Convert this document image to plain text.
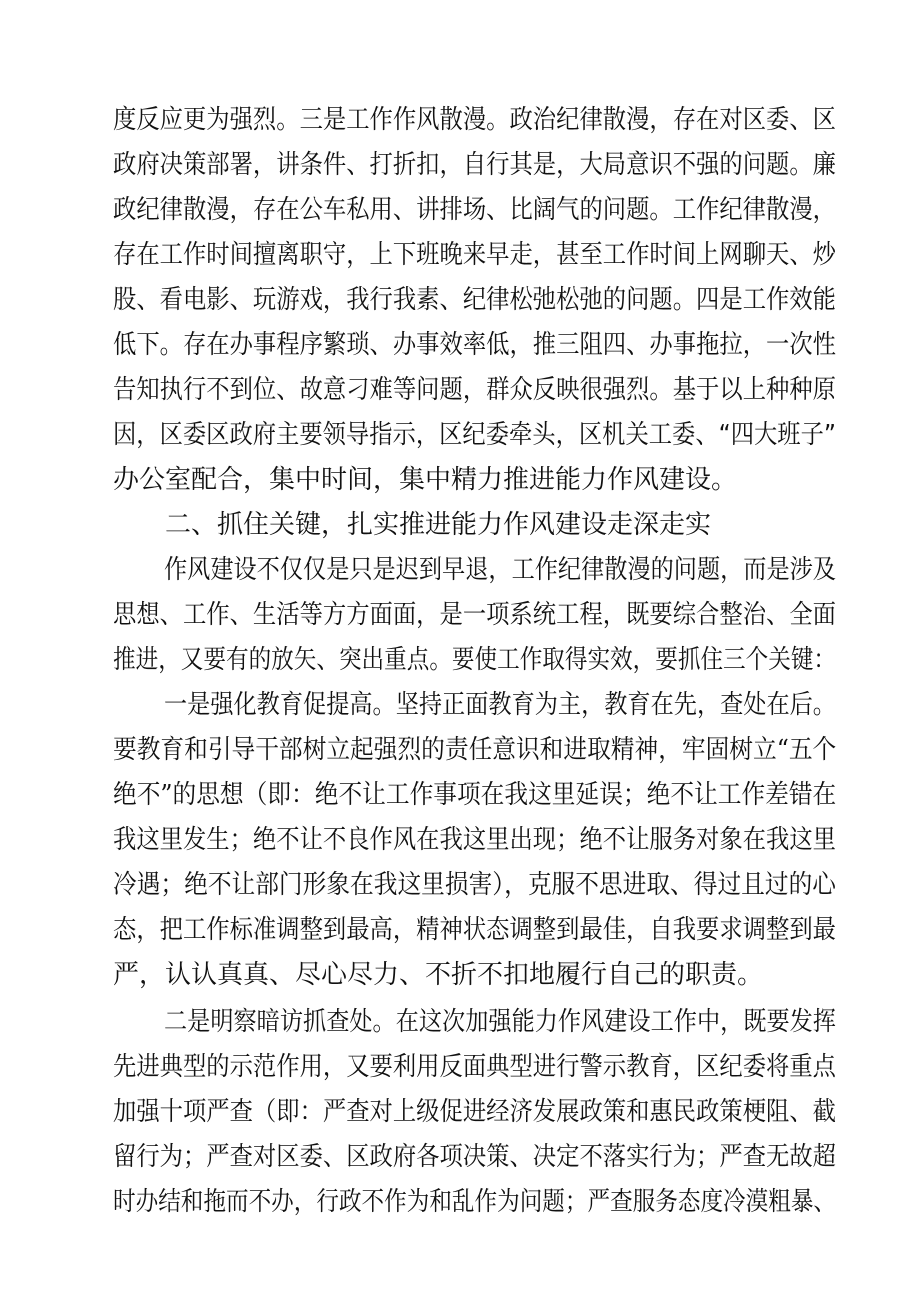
度反应更为强烈。三是工作作风散漫。政治纪律散漫，存在对区委、区
政府决策部署，讲条件、打折扣，自行其是，大局意识不强的问题。廉
政纪律散漫，存在公车私用、讲排场、比阔气的问题。工作纪律散漫，
存在工作时间擅离职守，上下班晚来早走，甚至工作时间上网聊天、炒
股、看电影、玩游戏，我行我素、纪律松弛松弛的问题。四是工作效能
低下。存在办事程序繁琐、办事效率低，推三阻四、办事拖拉，一次性
告知执行不到位、故意刁难等问题，群众反映很强烈。基于以上种种原
因，区委区政府主要领导指示，区纪委牵头，区机关工委、“四大班子”
办公室配合，集中时间，集中精力推进能力作风建设。
二、抓住关键，扎实推进能力作风建设走深走实
作风建设不仅仅是只是迟到早退，工作纪律散漫的问题，而是涉及
思想、工作、生活等方方面面，是一项系统工程，既要综合整治、全面
推进，又要有的放矢、突出重点。要使工作取得实效，要抓住三个关键：
一是强化教育促提高。坚持正面教育为主，教育在先，查处在后。
要教育和引导干部树立起强烈的责任意识和进取精神，牢固树立“五个
绝不”的思想（即：绝不让工作事项在我这里延误；绝不让工作差错在
我这里发生；绝不让不良作风在我这里出现；绝不让服务对象在我这里
冷遇；绝不让部门形象在我这里损害），克服不思进取、得过且过的心
态，把工作标准调整到最高，精神状态调整到最佳，自我要求调整到最
严，认认真真、尽心尽力、不折不扣地履行自己的职责。
二是明察暗访抓查处。在这次加强能力作风建设工作中，既要发挥
先进典型的示范作用，又要利用反面典型进行警示教育，区纪委将重点
加强十项严查（即：严查对上级促进经济发展政策和惠民政策梗阻、截
留行为；严查对区委、区政府各项决策、决定不落实行为；严查无故超
时办结和拖而不办，行政不作为和乱作为问题；严查服务态度冷漠粗暴、
